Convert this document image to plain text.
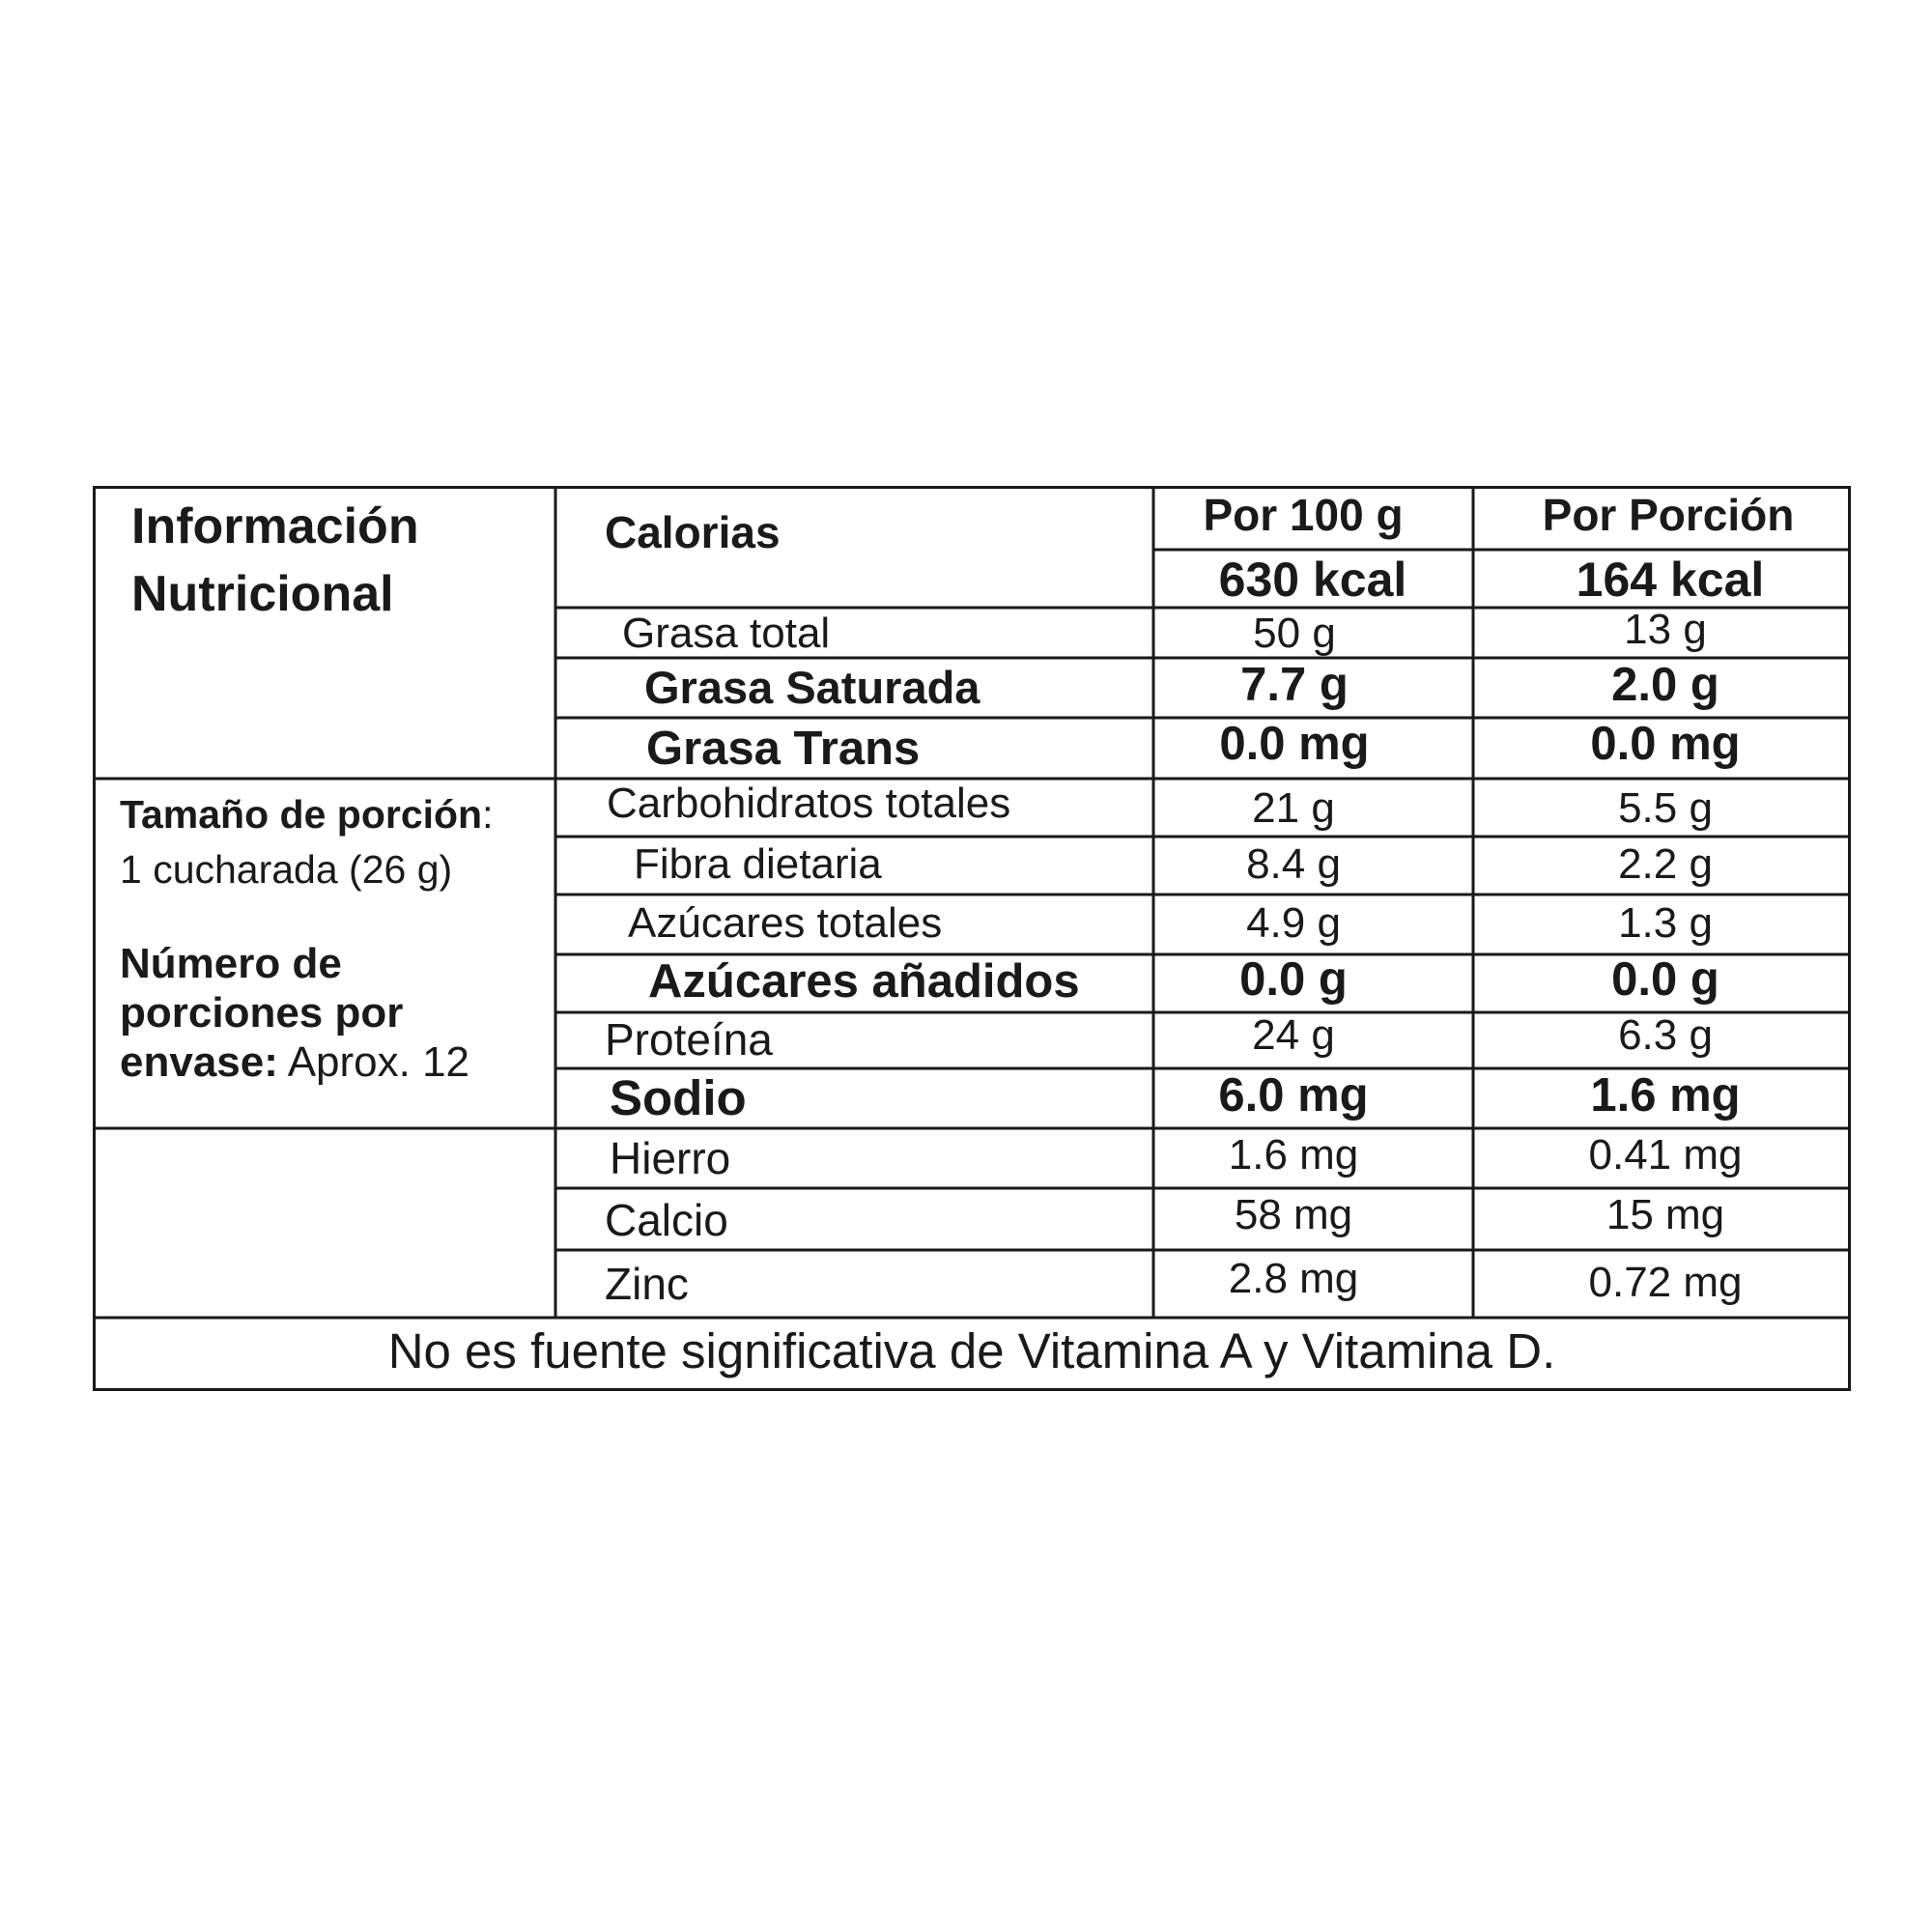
Información
Nutricional
Calorias	Por 100 g	Por Porción
630 kcal	164 kcal
Tamaño de porción:
1 cucharada (26 g)
Número de
porciones por
envase: Aprox. 12
Grasa total	50 g	13 g
Grasa Saturada	7.7 g	2.0 g
Grasa Trans	0.0 mg	0.0 mg
Carbohidratos totales	21 g	5.5 g
Fibra dietaria	8.4 g	2.2 g
Azúcares totales	4.9 g	1.3 g
Azúcares añadidos	0.0 g	0.0 g
Proteína	24 g	6.3 g
Sodio	6.0 mg	1.6 mg
Hierro	1.6 mg	0.41 mg
Calcio	58 mg	15 mg
Zinc	2.8 mg	0.72 mg
No es fuente significativa de Vitamina A y Vitamina D.
